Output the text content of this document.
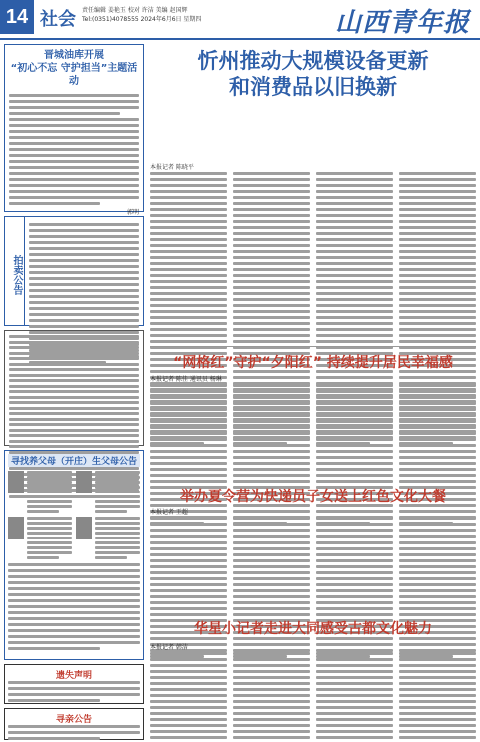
14 社会 责任编辑 姜艳玉 校对 许洁 美编 赵国辉
Tel:(0351)4078555 2024年6月6日 星期四	山西青年报
晋城油库开展
“初心不忘 守护担当”主题活动
郭明
拍卖公告
寻找养父母（开庄）生父母公告
遗失声明
寻亲公告
忻州推动大规模设备更新
和消费品以旧换新
本报记者 陈晓平
“网格红”守护“夕阳红” 持续提升居民幸福感
本报记者 陈佳 通讯员 杨琳
举办夏令营为快递员子女送上红色文化大餐
本报记者 王超
华星小记者走进大同感受古都文化魅力
本报记者 韩洁
